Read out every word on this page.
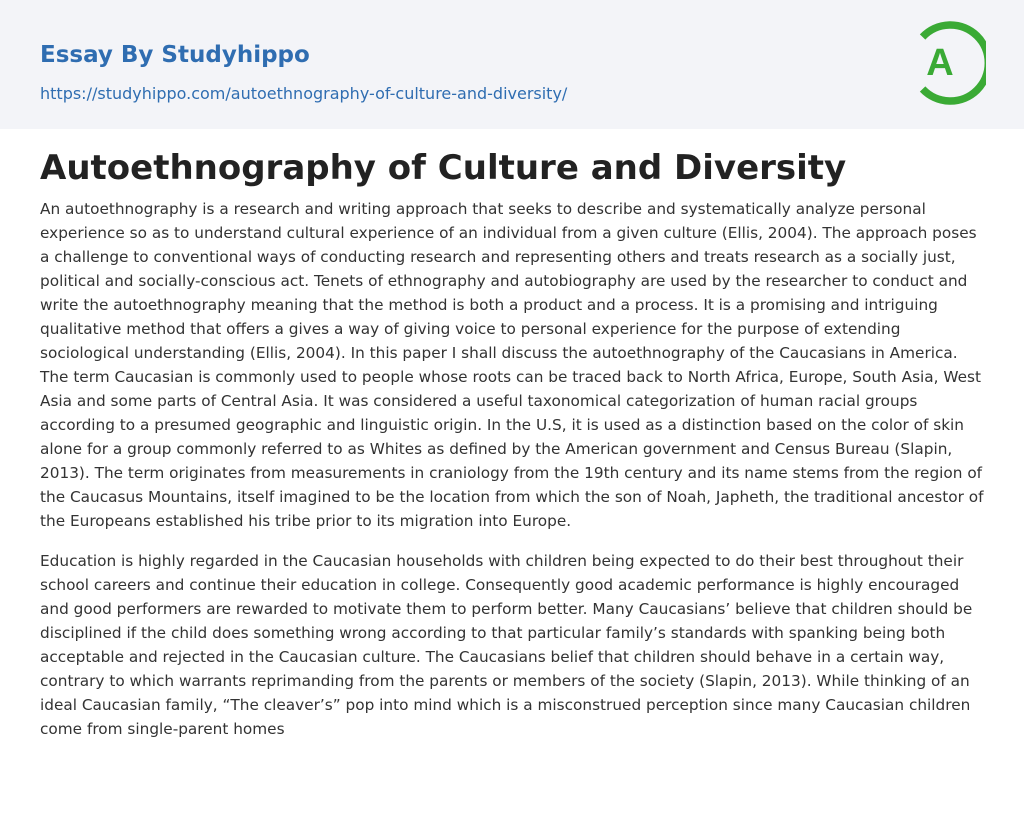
Essay By Studyhippo
https://studyhippo.com/autoethnography-of-culture-and-diversity/
A
Autoethnography of Culture and Diversity

An autoethnography is a research and writing approach that seeks to describe and systematically analyze personal experience so as to understand cultural experience of an individual from a given culture (Ellis, 2004). The approach poses a challenge to conventional ways of conducting research and representing others and treats research as a socially just, political and socially-conscious act. Tenets of ethnography and autobiography are used by the researcher to conduct and write the autoethnography meaning that the method is both a product and a process. It is a promising and intriguing qualitative method that offers a gives a way of giving voice to personal experience for the purpose of extending sociological understanding (Ellis, 2004). In this paper I shall discuss the autoethnography of the Caucasians in America.

The term Caucasian is commonly used to people whose roots can be traced back to North Africa, Europe, South Asia, West Asia and some parts of Central Asia. It was considered a useful taxonomical categorization of human racial groups according to a presumed geographic and linguistic origin. In the U.S, it is used as a distinction based on the color of skin alone for a group commonly referred to as Whites as defined by the American government and Census Bureau (Slapin, 2013). The term originates from measurements in craniology from the 19th century and its name stems from the region of the Caucasus Mountains, itself imagined to be the location from which the son of Noah, Japheth, the traditional ancestor of the Europeans established his tribe prior to its migration into Europe.

Education is highly regarded in the Caucasian households with children being expected to do their best throughout their school careers and continue their education in college. Consequently good academic performance is highly encouraged and good performers are rewarded to motivate them to perform better. Many Caucasians’ believe that children should be disciplined if the child does something wrong according to that particular family’s standards with spanking being both acceptable and rejected in the Caucasian culture. The Caucasians belief that children should behave in a certain way, contrary to which warrants reprimanding from the parents or members of the society (Slapin, 2013). While thinking of an ideal Caucasian family, “The cleaver’s” pop into mind which is a misconstrued perception since many Caucasian children come from single-parent homes
